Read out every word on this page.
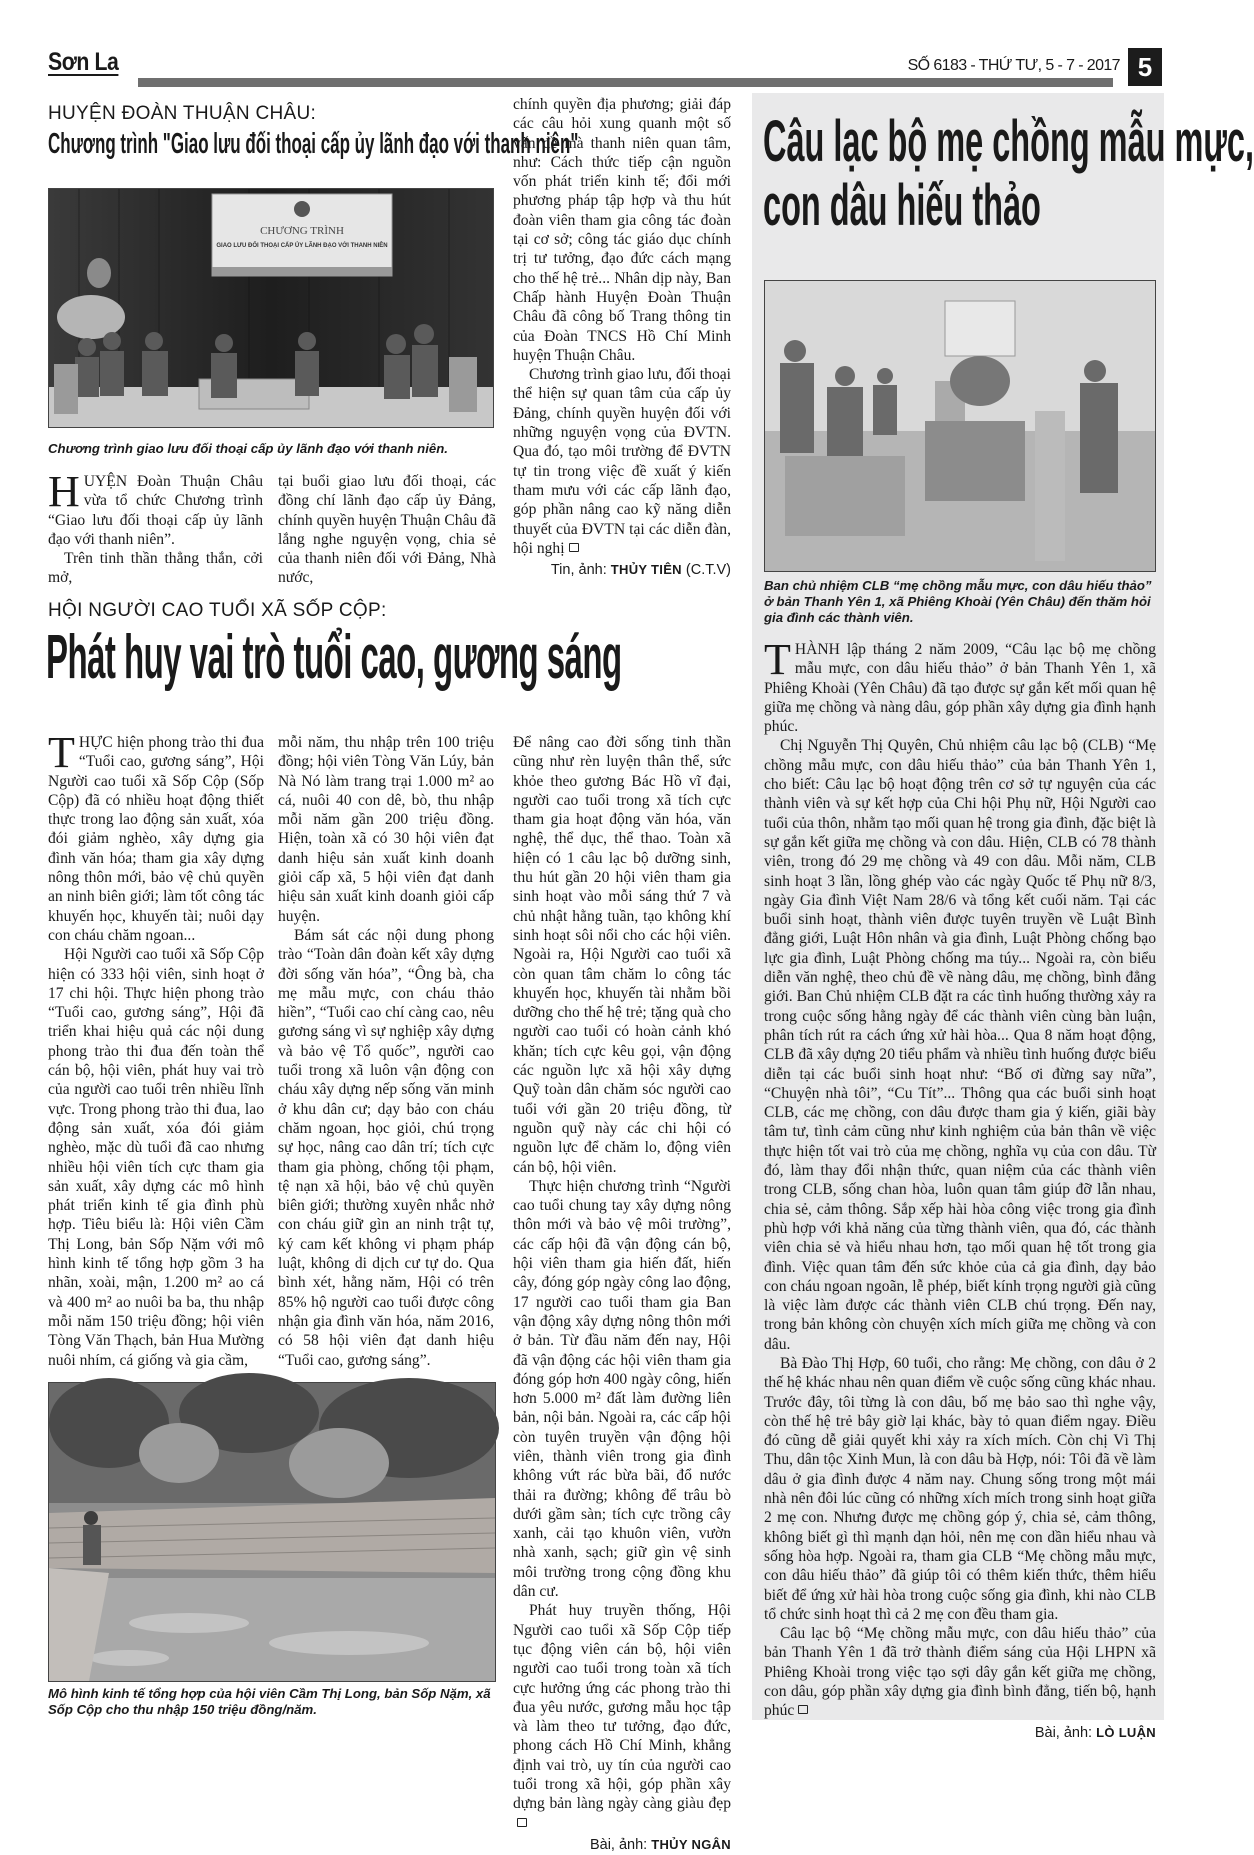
Sơn La	SỐ 6183 - THỨ TƯ, 5 - 7 - 2017 5
HUYỆN ĐOÀN THUẬN CHÂU:
Chương trình "Giao lưu đối thoại cấp ủy lãnh đạo với thanh niên"
CHƯƠNG TRÌNH
GIAO LƯU ĐỐI THOẠI CẤP ỦY LÃNH ĐẠO VỚI THANH NIÊN
Chương trình giao lưu đối thoại cấp ủy lãnh đạo với thanh niên.

HUYỆN Đoàn Thuận Châu vừa tổ chức Chương trình “Giao lưu đối thoại cấp ủy lãnh đạo với thanh niên”.

Trên tinh thần thẳng thắn, cởi mở,

tại buổi giao lưu đối thoại, các đồng chí lãnh đạo cấp ủy Đảng, chính quyền huyện Thuận Châu đã lắng nghe nguyện vọng, chia sẻ của thanh niên đối với Đảng, Nhà nước,

chính quyền địa phương; giải đáp các câu hỏi xung quanh một số vấn đề mà thanh niên quan tâm, như: Cách thức tiếp cận nguồn vốn phát triển kinh tế; đổi mới phương pháp tập hợp và thu hút đoàn viên tham gia công tác đoàn tại cơ sở; công tác giáo dục chính trị tư tưởng, đạo đức cách mạng cho thế hệ trẻ... Nhân dịp này, Ban Chấp hành Huyện Đoàn Thuận Châu đã công bố Trang thông tin của Đoàn TNCS Hồ Chí Minh huyện Thuận Châu.

Chương trình giao lưu, đối thoại thể hiện sự quan tâm của cấp ủy Đảng, chính quyền huyện đối với những nguyện vọng của ĐVTN. Qua đó, tạo môi trường để ĐVTN tự tin trong việc đề xuất ý kiến tham mưu với các cấp lãnh đạo, góp phần nâng cao kỹ năng diễn thuyết của ĐVTN tại các diễn đàn, hội nghị

Tin, ảnh: THỦY TIÊN (C.T.V)
HỘI NGƯỜI CAO TUỔI XÃ SỐP CỘP:
Phát huy vai trò tuổi cao, gương sáng

THỰC hiện phong trào thi đua “Tuổi cao, gương sáng”, Hội Người cao tuổi xã Sốp Cộp (Sốp Cộp) đã có nhiều hoạt động thiết thực trong lao động sản xuất, xóa đói giảm nghèo, xây dựng gia đình văn hóa; tham gia xây dựng nông thôn mới, bảo vệ chủ quyền an ninh biên giới; làm tốt công tác khuyến học, khuyến tài; nuôi dạy con cháu chăm ngoan...

Hội Người cao tuổi xã Sốp Cộp hiện có 333 hội viên, sinh hoạt ở 17 chi hội. Thực hiện phong trào “Tuổi cao, gương sáng”, Hội đã triển khai hiệu quả các nội dung phong trào thi đua đến toàn thể cán bộ, hội viên, phát huy vai trò của người cao tuổi trên nhiều lĩnh vực. Trong phong trào thi đua, lao động sản xuất, xóa đói giảm nghèo, mặc dù tuổi đã cao nhưng nhiều hội viên tích cực tham gia sản xuất, xây dựng các mô hình phát triển kinh tế gia đình phù hợp. Tiêu biểu là: Hội viên Cầm Thị Long, bản Sốp Nặm với mô hình kinh tế tổng hợp gồm 3 ha nhãn, xoài, mận, 1.200 m² ao cá và 400 m² ao nuôi ba ba, thu nhập mỗi năm 150 triệu đồng; hội viên Tòng Văn Thạch, bản Hua Mường nuôi nhím, cá giống và gia cầm,

mỗi năm, thu nhập trên 100 triệu đồng; hội viên Tòng Văn Lúy, bản Nà Nó làm trang trại 1.000 m² ao cá, nuôi 40 con dê, bò, thu nhập mỗi năm gần 200 triệu đồng. Hiện, toàn xã có 30 hội viên đạt danh hiệu sản xuất kinh doanh giỏi cấp xã, 5 hội viên đạt danh hiệu sản xuất kinh doanh giỏi cấp huyện.

Bám sát các nội dung phong trào “Toàn dân đoàn kết xây dựng đời sống văn hóa”, “Ông bà, cha mẹ mẫu mực, con cháu thảo hiền”, “Tuổi cao chí càng cao, nêu gương sáng vì sự nghiệp xây dựng và bảo vệ Tổ quốc”, người cao tuổi trong xã luôn vận động con cháu xây dựng nếp sống văn minh ở khu dân cư; dạy bảo con cháu chăm ngoan, học giỏi, chú trọng sự học, nâng cao dân trí; tích cực tham gia phòng, chống tội phạm, tệ nạn xã hội, bảo vệ chủ quyền biên giới; thường xuyên nhắc nhở con cháu giữ gìn an ninh trật tự, ký cam kết không vi phạm pháp luật, không di dịch cư tự do. Qua bình xét, hằng năm, Hội có trên 85% hộ người cao tuổi được công nhận gia đình văn hóa, năm 2016, có 58 hội viên đạt danh hiệu “Tuổi cao, gương sáng”.

Để nâng cao đời sống tinh thần cũng như rèn luyện thân thể, sức khỏe theo gương Bác Hồ vĩ đại, người cao tuổi trong xã tích cực tham gia hoạt động văn hóa, văn nghệ, thể dục, thể thao. Toàn xã hiện có 1 câu lạc bộ dưỡng sinh, thu hút gần 20 hội viên tham gia sinh hoạt vào mỗi sáng thứ 7 và chủ nhật hằng tuần, tạo không khí sinh hoạt sôi nổi cho các hội viên. Ngoài ra, Hội Người cao tuổi xã còn quan tâm chăm lo công tác khuyến học, khuyến tài nhằm bồi dưỡng cho thế hệ trẻ; tặng quà cho người cao tuổi có hoàn cảnh khó khăn; tích cực kêu gọi, vận động các nguồn lực xã hội xây dựng Quỹ toàn dân chăm sóc người cao tuổi với gần 20 triệu đồng, từ nguồn quỹ này các chi hội có nguồn lực để chăm lo, động viên cán bộ, hội viên.

Thực hiện chương trình “Người cao tuổi chung tay xây dựng nông thôn mới và bảo vệ môi trường”, các cấp hội đã vận động cán bộ, hội viên tham gia hiến đất, hiến cây, đóng góp ngày công lao động, 17 người cao tuổi tham gia Ban vận động xây dựng nông thôn mới ở bản. Từ đầu năm đến nay, Hội đã vận động các hội viên tham gia đóng góp hơn 400 ngày công, hiến hơn 5.000 m² đất làm đường liên bản, nội bản. Ngoài ra, các cấp hội còn tuyên truyền vận động hội viên, thành viên trong gia đình không vứt rác bừa bãi, đổ nước thải ra đường; không để trâu bò dưới gầm sàn; tích cực trồng cây xanh, cải tạo khuôn viên, vườn nhà xanh, sạch; giữ gìn vệ sinh môi trường trong cộng đồng khu dân cư.

Phát huy truyền thống, Hội Người cao tuổi xã Sốp Cộp tiếp tục động viên cán bộ, hội viên người cao tuổi trong toàn xã tích cực hưởng ứng các phong trào thi đua yêu nước, gương mẫu học tập và làm theo tư tưởng, đạo đức, phong cách Hồ Chí Minh, khẳng định vai trò, uy tín của người cao tuổi trong xã hội, góp phần xây dựng bản làng ngày càng giàu đẹp

Bài, ảnh: THỦY NGÂN
Mô hình kinh tế tổng hợp của hội viên Cầm Thị Long, bản Sốp Nặm, xã Sốp Cộp cho thu nhập 150 triệu đồng/năm.
Câu lạc bộ mẹ chồng mẫu mực,
con dâu hiếu thảo
Ban chủ nhiệm CLB “mẹ chồng mẫu mực, con dâu hiếu thảo” ở bản Thanh Yên 1, xã Phiêng Khoài (Yên Châu) đến thăm hỏi gia đình các thành viên.

THÀNH lập tháng 2 năm 2009, “Câu lạc bộ mẹ chồng mẫu mực, con dâu hiếu thảo” ở bản Thanh Yên 1, xã Phiêng Khoài (Yên Châu) đã tạo được sự gắn kết mối quan hệ giữa mẹ chồng và nàng dâu, góp phần xây dựng gia đình hạnh phúc.

Chị Nguyễn Thị Quyên, Chủ nhiệm câu lạc bộ (CLB) “Mẹ chồng mẫu mực, con dâu hiếu thảo” của bản Thanh Yên 1, cho biết: Câu lạc bộ hoạt động trên cơ sở tự nguyện của các thành viên và sự kết hợp của Chi hội Phụ nữ, Hội Người cao tuổi của thôn, nhằm tạo mối quan hệ trong gia đình, đặc biệt là sự gắn kết giữa mẹ chồng và con dâu. Hiện, CLB có 78 thành viên, trong đó 29 mẹ chồng và 49 con dâu. Mỗi năm, CLB sinh hoạt 3 lần, lồng ghép vào các ngày Quốc tế Phụ nữ 8/3, ngày Gia đình Việt Nam 28/6 và tổng kết cuối năm. Tại các buổi sinh hoạt, thành viên được tuyên truyền về Luật Bình đẳng giới, Luật Hôn nhân và gia đình, Luật Phòng chống bạo lực gia đình, Luật Phòng chống ma túy... Ngoài ra, còn biểu diễn văn nghệ, theo chủ đề về nàng dâu, mẹ chồng, bình đẳng giới. Ban Chủ nhiệm CLB đặt ra các tình huống thường xảy ra trong cuộc sống hằng ngày để các thành viên cùng bàn luận, phân tích rút ra cách ứng xử hài hòa... Qua 8 năm hoạt động, CLB đã xây dựng 20 tiểu phẩm và nhiều tình huống được biểu diễn tại các buổi sinh hoạt như: “Bố ơi đừng say nữa”, “Chuyện nhà tôi”, “Cu Tít”... Thông qua các buổi sinh hoạt CLB, các mẹ chồng, con dâu được tham gia ý kiến, giãi bày tâm tư, tình cảm cũng như kinh nghiệm của bản thân về việc thực hiện tốt vai trò của mẹ chồng, nghĩa vụ của con dâu. Từ đó, làm thay đổi nhận thức, quan niệm của các thành viên trong CLB, sống chan hòa, luôn quan tâm giúp đỡ lẫn nhau, chia sẻ, cảm thông. Sắp xếp hài hòa công việc trong gia đình phù hợp với khả năng của từng thành viên, qua đó, các thành viên chia sẻ và hiểu nhau hơn, tạo mối quan hệ tốt trong gia đình. Việc quan tâm đến sức khỏe của cả gia đình, dạy bảo con cháu ngoan ngoãn, lễ phép, biết kính trọng người già cũng là việc làm được các thành viên CLB chú trọng. Đến nay, trong bản không còn chuyện xích mích giữa mẹ chồng và con dâu.

Bà Đào Thị Hợp, 60 tuổi, cho rằng: Mẹ chồng, con dâu ở 2 thế hệ khác nhau nên quan điểm về cuộc sống cũng khác nhau. Trước đây, tôi từng là con dâu, bố mẹ bảo sao thì nghe vậy, còn thế hệ trẻ bây giờ lại khác, bày tỏ quan điểm ngay. Điều đó cũng dễ giải quyết khi xảy ra xích mích. Còn chị Vì Thị Thu, dân tộc Xinh Mun, là con dâu bà Hợp, nói: Tôi đã về làm dâu ở gia đình được 4 năm nay. Chung sống trong một mái nhà nên đôi lúc cũng có những xích mích trong sinh hoạt giữa 2 mẹ con. Nhưng được mẹ chồng góp ý, chia sẻ, cảm thông, không biết gì thì mạnh dạn hỏi, nên mẹ con dần hiểu nhau và sống hòa hợp. Ngoài ra, tham gia CLB “Mẹ chồng mẫu mực, con dâu hiếu thảo” đã giúp tôi có thêm kiến thức, thêm hiểu biết để ứng xử hài hòa trong cuộc sống gia đình, khi nào CLB tổ chức sinh hoạt thì cả 2 mẹ con đều tham gia.

Câu lạc bộ “Mẹ chồng mẫu mực, con dâu hiếu thảo” của bản Thanh Yên 1 đã trở thành điểm sáng của Hội LHPN xã Phiêng Khoài trong việc tạo sợi dây gắn kết giữa mẹ chồng, con dâu, góp phần xây dựng gia đình bình đẳng, tiến bộ, hạnh phúc

Bài, ảnh: LÒ LUẬN
